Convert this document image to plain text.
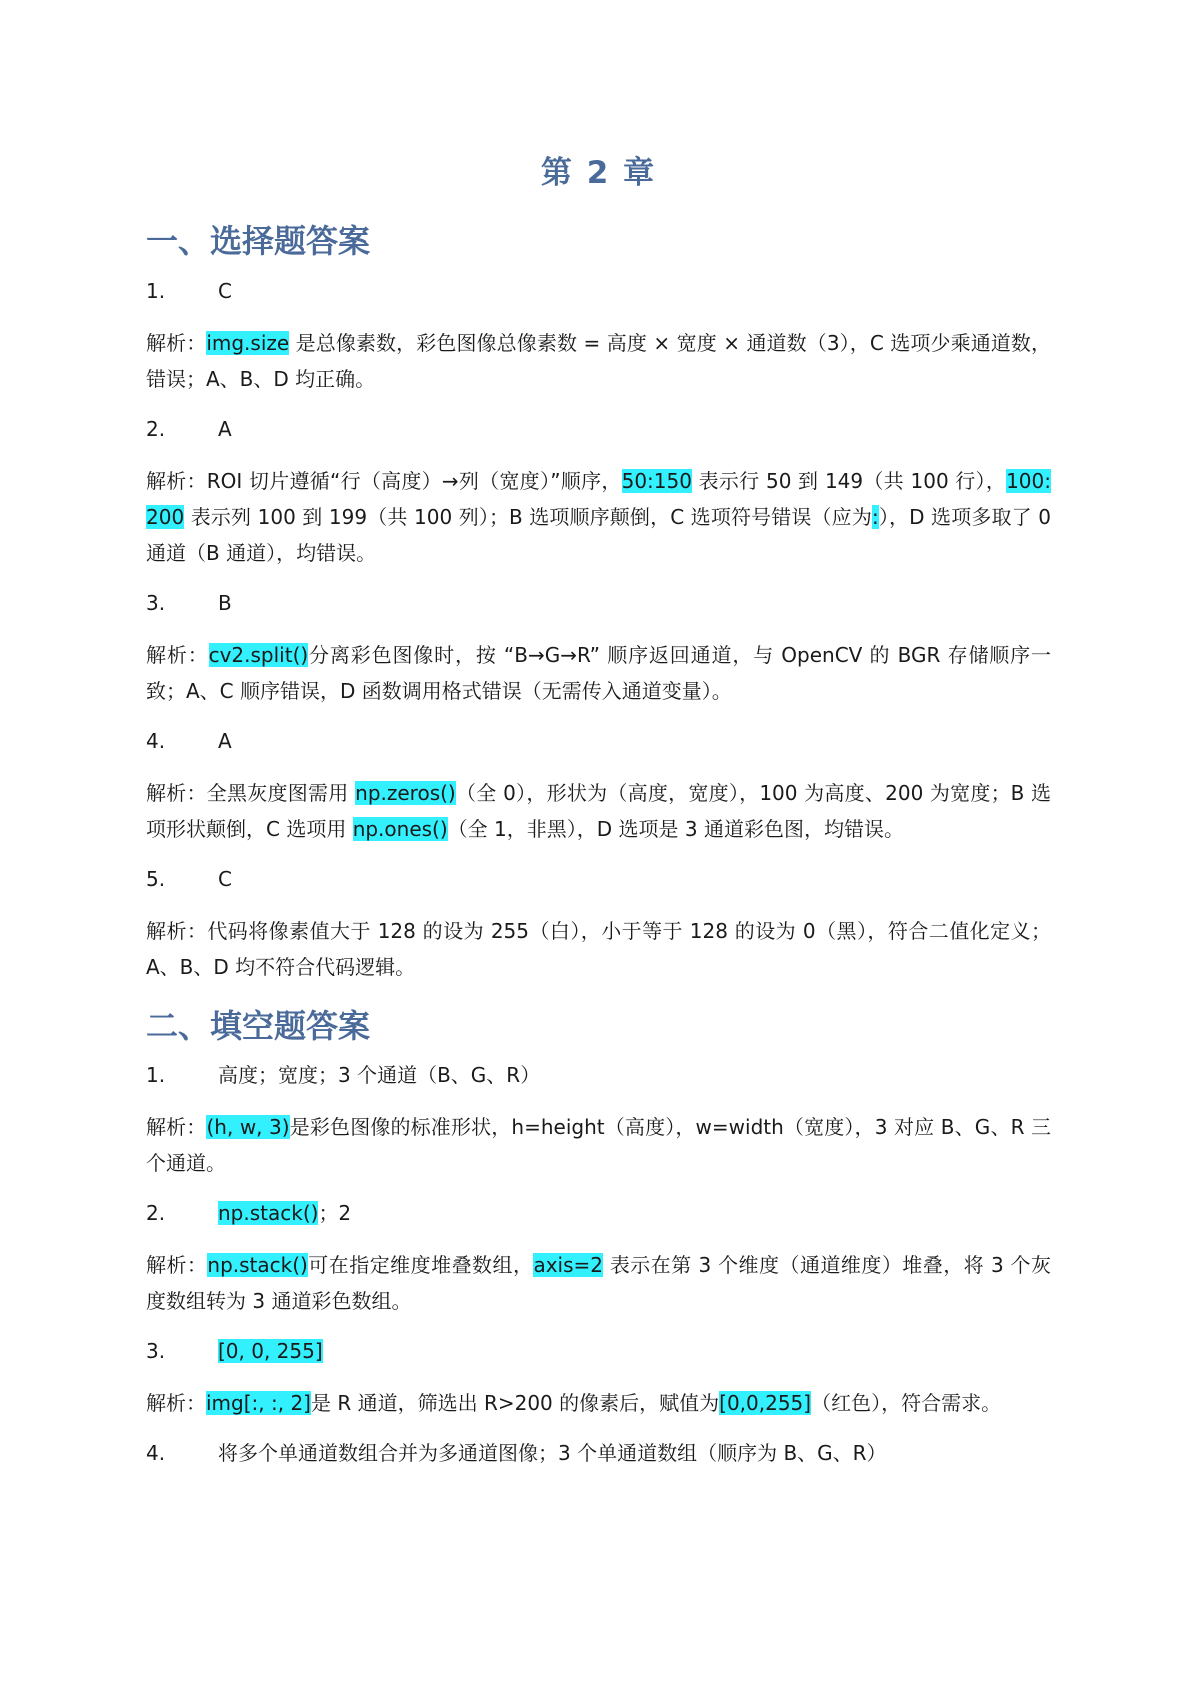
第 2 章
一、选择题答案
1.	C

解析：img.size 是总像素数，彩色图像总像素数 = 高度 × 宽度 × 通道数（3），C 选项少乘通道数，错误；A、B、D 均正确。

2.	A

解析：ROI 切片遵循“行（高度）→列（宽度）”顺序，50:150 表示行 50 到 149（共 100 行），100:200 表示列 100 到 199（共 100 列）；B 选项顺序颠倒，C 选项符号错误（应为:），D 选项多取了 0 通道（B 通道），均错误。

3.	B

解析：cv2.split()分离彩色图像时，按 “B→G→R” 顺序返回通道，与 OpenCV 的 BGR 存储顺序一致；A、C 顺序错误，D 函数调用格式错误（无需传入通道变量）。

4.	A

解析：全黑灰度图需用 np.zeros()（全 0），形状为（高度，宽度），100 为高度、200 为宽度；B 选项形状颠倒，C 选项用 np.ones()（全 1，非黑），D 选项是 3 通道彩色图，均错误。

5.	C

解析：代码将像素值大于 128 的设为 255（白），小于等于 128 的设为 0（黑），符合二值化定义；A、B、D 均不符合代码逻辑。

二、填空题答案
1.	高度；宽度；3 个通道（B、G、R）

解析：(h, w, 3)是彩色图像的标准形状，h=height（高度），w=width（宽度），3 对应 B、G、R 三个通道。

2.	np.stack()；2

解析：np.stack()可在指定维度堆叠数组，axis=2 表示在第 3 个维度（通道维度）堆叠，将 3 个灰度数组转为 3 通道彩色数组。

3.	[0, 0, 255]

解析：img[:, :, 2]是 R 通道，筛选出 R>200 的像素后，赋值为[0,0,255]（红色），符合需求。

4.	将多个单通道数组合并为多通道图像；3 个单通道数组（顺序为 B、G、R）
